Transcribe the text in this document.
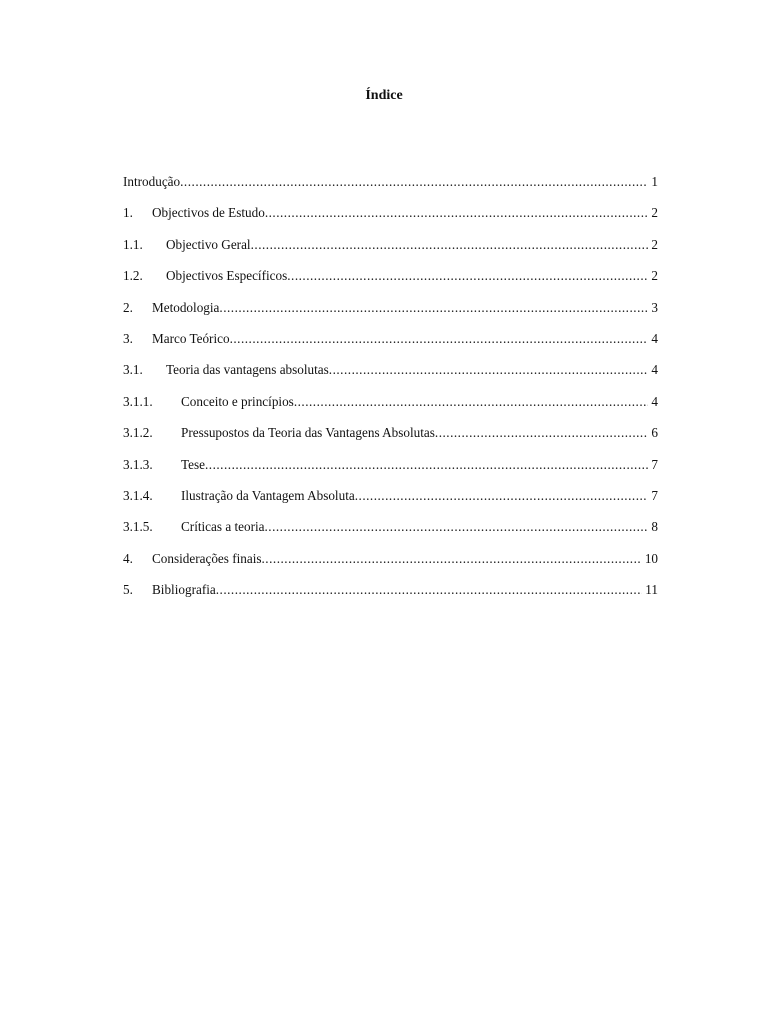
Índice
Introdução .....	1
1.	Objectivos de Estudo .....	2
1.1.	Objectivo Geral .....	2
1.2.	Objectivos Específicos .....	2
2.	Metodologia .....	3
3.	Marco Teórico .....	4
3.1.	Teoria das vantagens absolutas .....	4
3.1.1.	Conceito e princípios .....	4
3.1.2.	Pressupostos da Teoria das Vantagens Absolutas .....	6
3.1.3.	Tese .....	7
3.1.4.	Ilustração da Vantagem Absoluta .....	7
3.1.5.	Críticas a teoria .....	8
4.	Considerações finais .....	10
5.	Bibliografia .....	11
